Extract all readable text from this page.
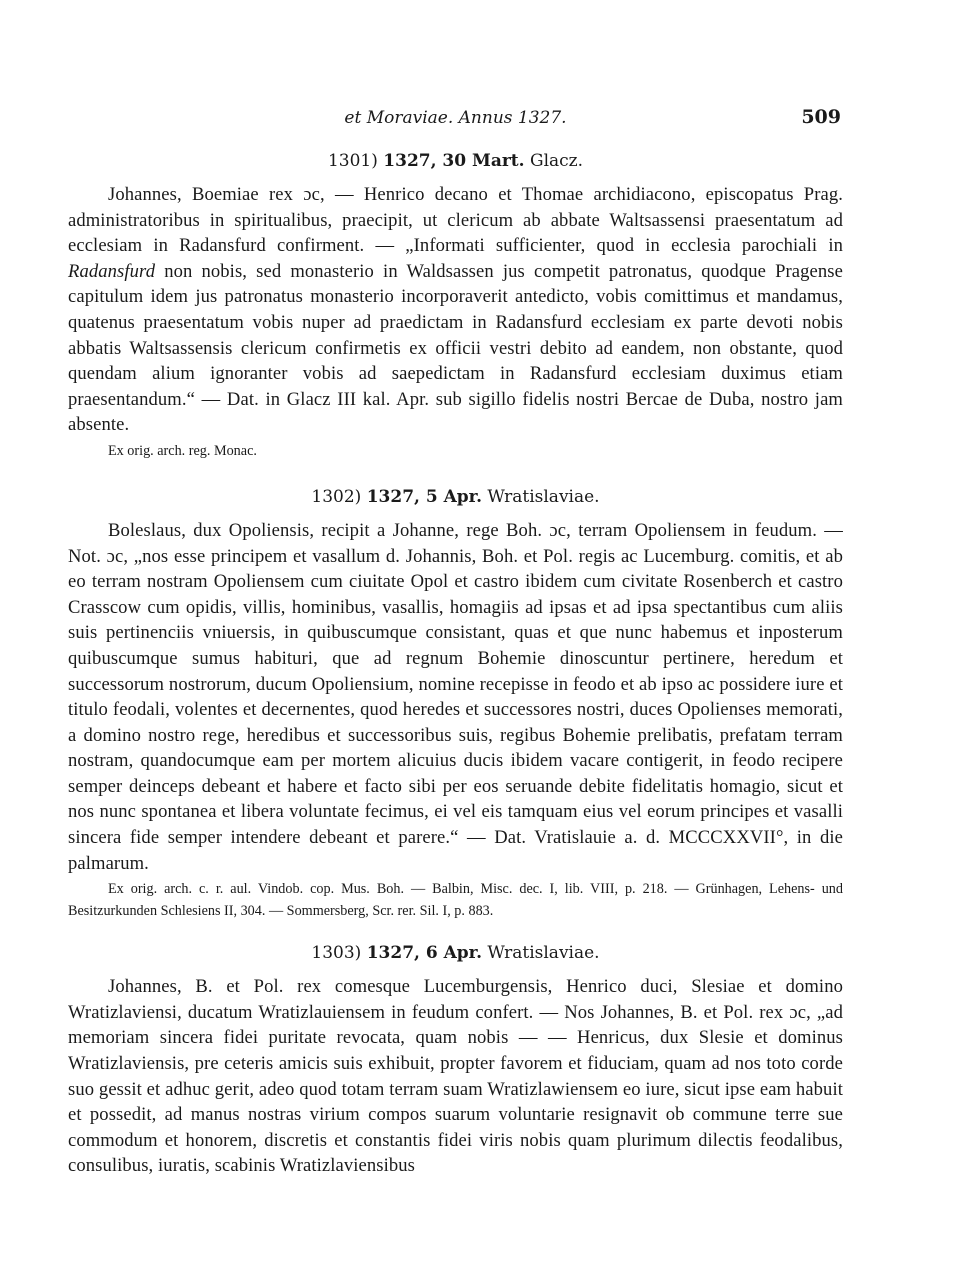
et Moraviae. Annus 1327.	509
1301) 1327, 30 Mart. Glacz.

Johannes, Boemiae rex ɔc, — Henrico decano et Thomae archidiacono, episcopatus Prag. administratoribus in spiritualibus, praecipit, ut clericum ab abbate Waltsassensi praesentatum ad ecclesiam in Radansfurd confirment. — „Informati sufficienter, quod in ecclesia parochiali in Radansfurd non nobis, sed monasterio in Waldsassen jus competit patronatus, quodque Pragense capitulum idem jus patronatus monasterio incorporaverit antedicto, vobis comittimus et mandamus, quatenus praesentatum vobis nuper ad praedictam in Radansfurd ecclesiam ex parte devoti nobis abbatis Waltsassensis clericum confirmetis ex officii vestri debito ad eandem, non obstante, quod quendam alium ignoranter vobis ad saepedictam in Radansfurd ecclesiam duximus etiam praesentandum.“ — Dat. in Glacz III kal. Apr. sub sigillo fidelis nostri Bercae de Duba, nostro jam absente.

Ex orig. arch. reg. Monac.

1302) 1327, 5 Apr. Wratislaviae.

Boleslaus, dux Opoliensis, recipit a Johanne, rege Boh. ɔc, terram Opoliensem in feudum. — Not. ɔc, „nos esse principem et vasallum d. Johannis, Boh. et Pol. regis ac Lucemburg. comitis, et ab eo terram nostram Opoliensem cum ciuitate Opol et castro ibidem cum civitate Rosenberch et castro Crasscow cum opidis, villis, hominibus, vasallis, homagiis ad ipsas et ad ipsa spectantibus cum aliis suis pertinenciis vniuersis, in quibuscumque consistant, quas et que nunc habemus et inposterum quibuscumque sumus habituri, que ad regnum Bohemie dinoscuntur pertinere, heredum et successorum nostrorum, ducum Opoliensium, nomine recepisse in feodo et ab ipso ac possidere iure et titulo feodali, volentes et decernentes, quod heredes et successores nostri, duces Opolienses memorati, a domino nostro rege, heredibus et successoribus suis, regibus Bohemie prelibatis, prefatam terram nostram, quandocumque eam per mortem alicuius ducis ibidem vacare contigerit, in feodo recipere semper deinceps debeant et habere et facto sibi per eos seruande debite fidelitatis homagio, sicut et nos nunc spontanea et libera voluntate fecimus, ei vel eis tamquam eius vel eorum principes et vasalli sincera fide semper intendere debeant et parere.“ — Dat. Vratislauie a. d. MCCCXXVII°, in die palmarum.

Ex orig. arch. c. r. aul. Vindob. cop. Mus. Boh. — Balbin, Misc. dec. I, lib. VIII, p. 218. — Grünhagen, Lehens- und Besitzurkunden Schlesiens II, 304. — Sommersberg, Scr. rer. Sil. I, p. 883.

1303) 1327, 6 Apr. Wratislaviae.

Johannes, B. et Pol. rex comesque Lucemburgensis, Henrico duci, Slesiae et domino Wratizlaviensi, ducatum Wratizlauiensem in feudum confert. — Nos Johannes, B. et Pol. rex ɔc, „ad memoriam sincera fidei puritate revocata, quam nobis — — Henricus, dux Slesie et dominus Wratizlaviensis, pre ceteris amicis suis exhibuit, propter favorem et fiduciam, quam ad nos toto corde suo gessit et adhuc gerit, adeo quod totam terram suam Wratizlawiensem eo iure, sicut ipse eam habuit et possedit, ad manus nostras virium compos suarum voluntarie resignavit ob commune terre sue commodum et honorem, discretis et constantis fidei viris nobis quam plurimum dilectis feodalibus, consulibus, iuratis, scabinis Wratizlaviensibus
